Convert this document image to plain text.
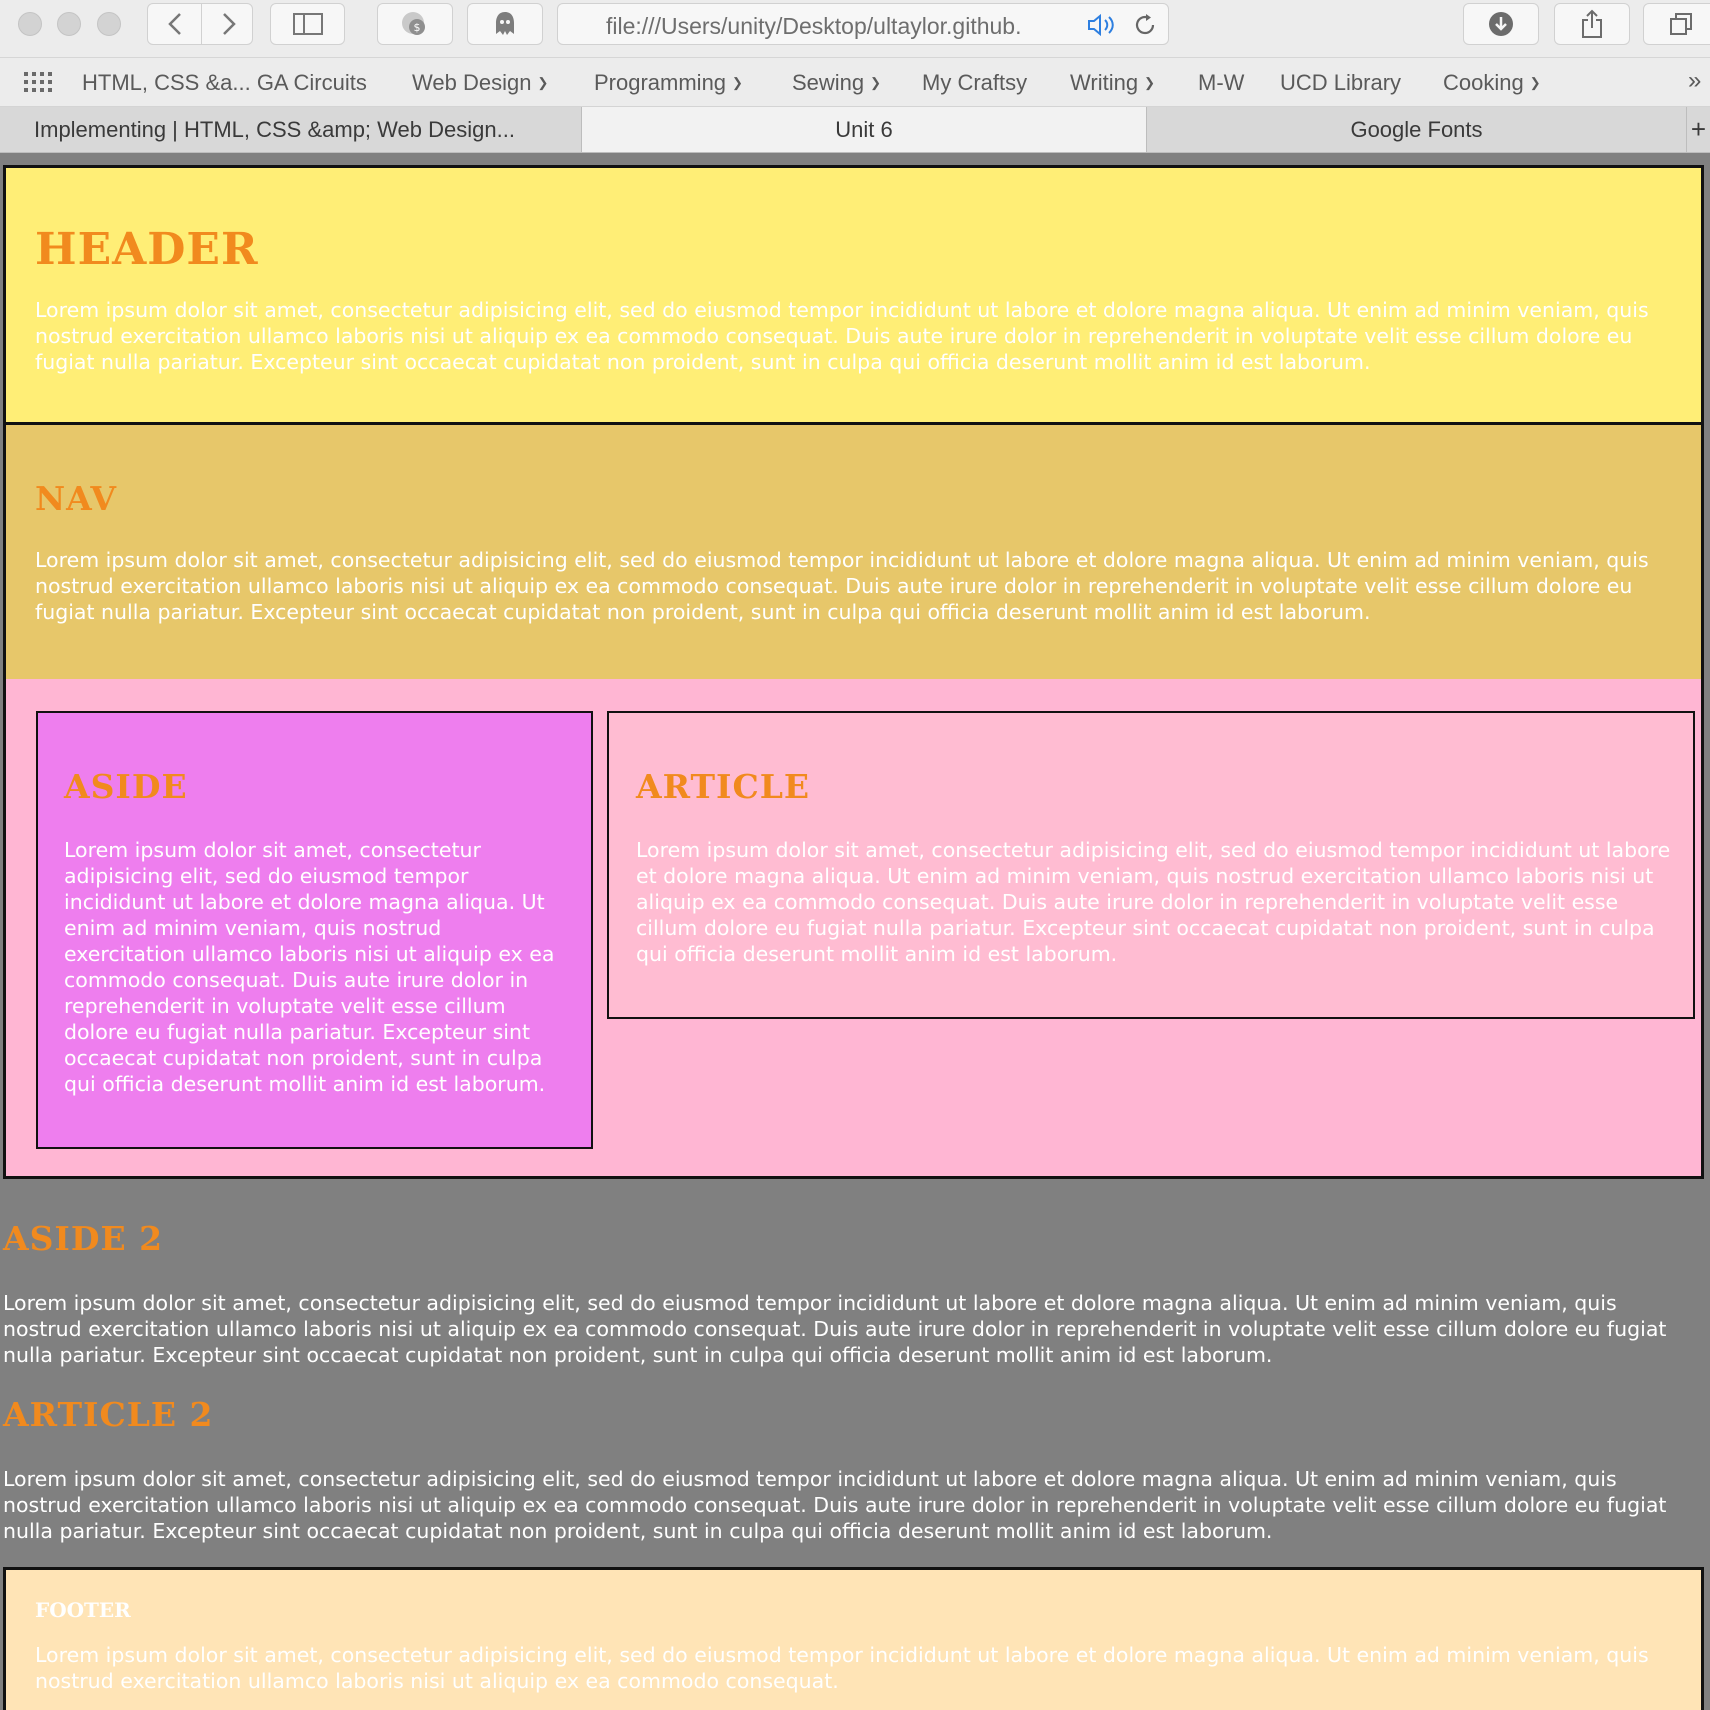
$	file:///Users/unity/Desktop/ultaylor.github.
HTML, CSS &a... GA Circuits Web Design ❯ Programming ❯ Sewing ❯ My Craftsy Writing ❯ M-W UCD Library Cooking ❯	»
Implementing | HTML, CSS &amp; Web Design...	Unit 6	Google Fonts	+
HEADER

Lorem ipsum dolor sit amet, consectetur adipisicing elit, sed do eiusmod tempor incididunt ut labore et dolore magna aliqua. Ut enim ad minim veniam, quis nostrud exercitation ullamco laboris nisi ut aliquip ex ea commodo consequat. Duis aute irure dolor in reprehenderit in voluptate velit esse cillum dolore eu fugiat nulla pariatur. Excepteur sint occaecat cupidatat non proident, sunt in culpa qui officia deserunt mollit anim id est laborum.

NAV

Lorem ipsum dolor sit amet, consectetur adipisicing elit, sed do eiusmod tempor incididunt ut labore et dolore magna aliqua. Ut enim ad minim veniam, quis nostrud exercitation ullamco laboris nisi ut aliquip ex ea commodo consequat. Duis aute irure dolor in reprehenderit in voluptate velit esse cillum dolore eu fugiat nulla pariatur. Excepteur sint occaecat cupidatat non proident, sunt in culpa qui officia deserunt mollit anim id est laborum.

ASIDE

Lorem ipsum dolor sit amet, consectetur adipisicing elit, sed do eiusmod tempor incididunt ut labore et dolore magna aliqua. Ut enim ad minim veniam, quis nostrud exercitation ullamco laboris nisi ut aliquip ex ea commodo consequat. Duis aute irure dolor in reprehenderit in voluptate velit esse cillum dolore eu fugiat nulla pariatur. Excepteur sint occaecat cupidatat non proident, sunt in culpa qui officia deserunt mollit anim id est laborum.

ARTICLE

Lorem ipsum dolor sit amet, consectetur adipisicing elit, sed do eiusmod tempor incididunt ut labore et dolore magna aliqua. Ut enim ad minim veniam, quis nostrud exercitation ullamco laboris nisi ut aliquip ex ea commodo consequat. Duis aute irure dolor in reprehenderit in voluptate velit esse cillum dolore eu fugiat nulla pariatur. Excepteur sint occaecat cupidatat non proident, sunt in culpa qui officia deserunt mollit anim id est laborum.

ASIDE 2

Lorem ipsum dolor sit amet, consectetur adipisicing elit, sed do eiusmod tempor incididunt ut labore et dolore magna aliqua. Ut enim ad minim veniam, quis nostrud exercitation ullamco laboris nisi ut aliquip ex ea commodo consequat. Duis aute irure dolor in reprehenderit in voluptate velit esse cillum dolore eu fugiat nulla pariatur. Excepteur sint occaecat cupidatat non proident, sunt in culpa qui officia deserunt mollit anim id est laborum.

ARTICLE 2

Lorem ipsum dolor sit amet, consectetur adipisicing elit, sed do eiusmod tempor incididunt ut labore et dolore magna aliqua. Ut enim ad minim veniam, quis nostrud exercitation ullamco laboris nisi ut aliquip ex ea commodo consequat. Duis aute irure dolor in reprehenderit in voluptate velit esse cillum dolore eu fugiat nulla pariatur. Excepteur sint occaecat cupidatat non proident, sunt in culpa qui officia deserunt mollit anim id est laborum.

FOOTER

Lorem ipsum dolor sit amet, consectetur adipisicing elit, sed do eiusmod tempor incididunt ut labore et dolore magna aliqua. Ut enim ad minim veniam, quis nostrud exercitation ullamco laboris nisi ut aliquip ex ea commodo consequat.
